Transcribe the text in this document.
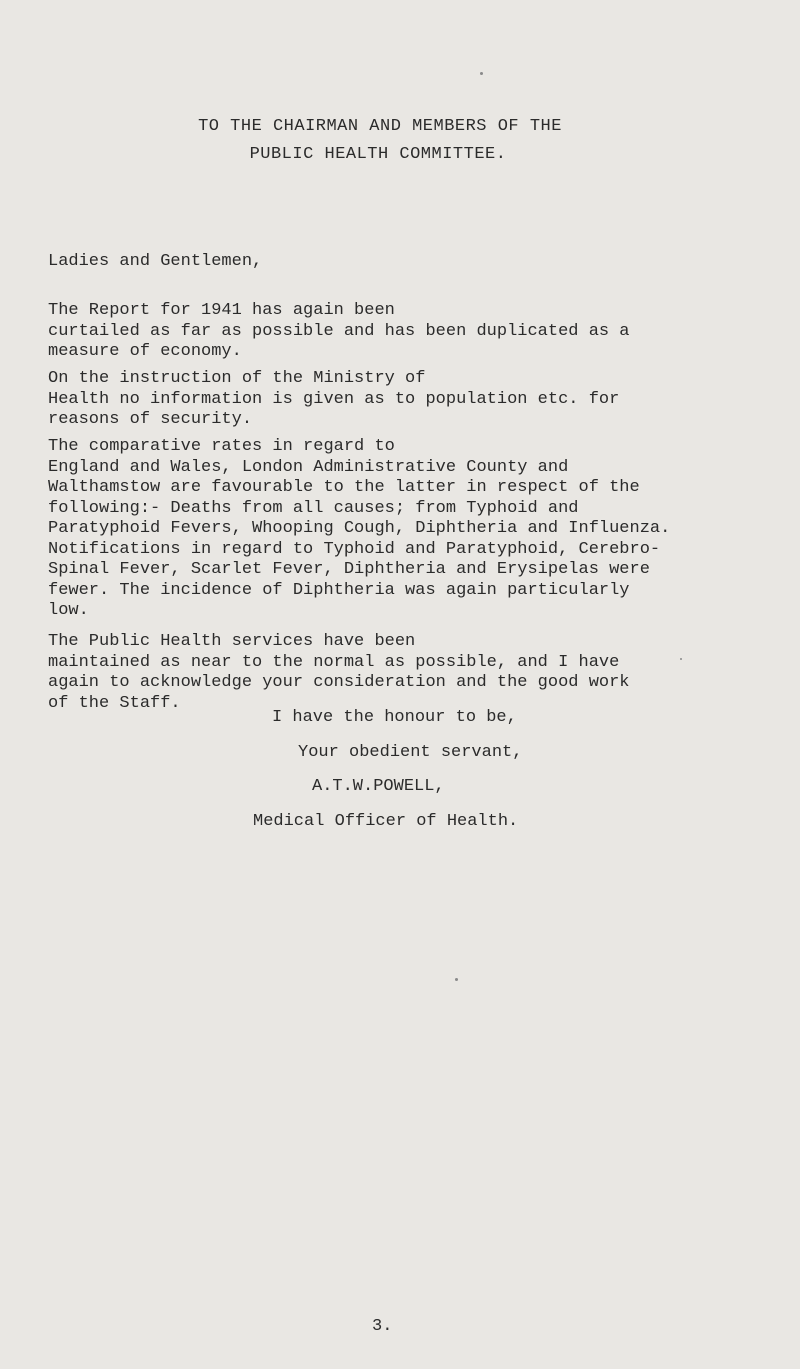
TO THE CHAIRMAN AND MEMBERS OF THE
PUBLIC HEALTH COMMITTEE.
Ladies and Gentlemen,
The Report for 1941 has again been
curtailed as far as possible and has been duplicated as a
measure of economy.
On the instruction of the Ministry of
Health no information is given as to population etc. for
reasons of security.
The comparative rates in regard to
England and Wales, London Administrative County and
Walthamstow are favourable to the latter in respect of the
following:- Deaths from all causes; from Typhoid and
Paratyphoid Fevers, Whooping Cough, Diphtheria and Influenza.
Notifications in regard to Typhoid and Paratyphoid, Cerebro-
Spinal Fever, Scarlet Fever, Diphtheria and Erysipelas were
fewer. The incidence of Diphtheria was again particularly
low.
The Public Health services have been
maintained as near to the normal as possible, and I have
again to acknowledge your consideration and the good work
of the Staff.
I have the honour to be,
Your obedient servant,
A.T.W.POWELL,
Medical Officer of Health.
3.
